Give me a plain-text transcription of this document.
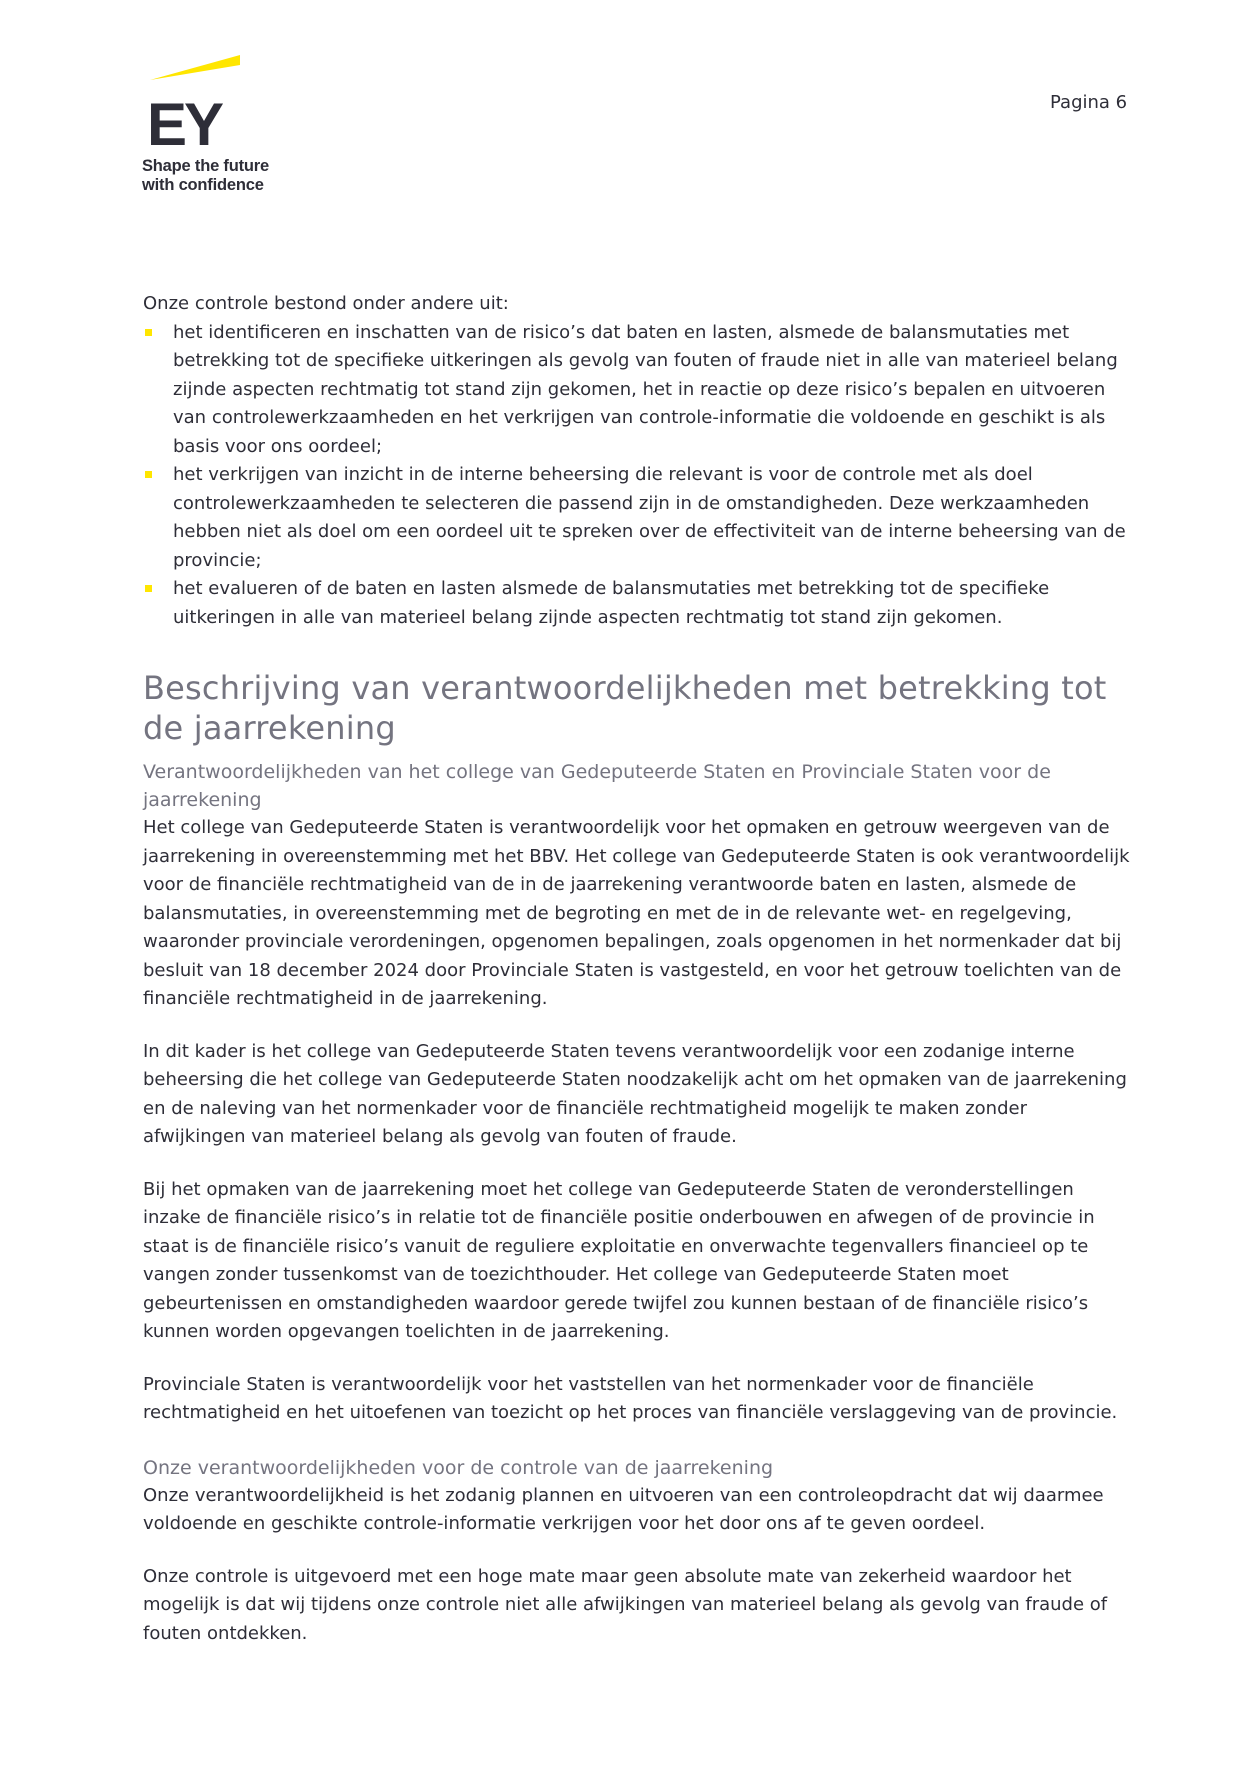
EY
Shape the future
with confidence
Pagina 6

Onze controle bestond onder andere uit:

het identificeren en inschatten van de risico’s dat baten en lasten, alsmede de balansmutaties met betrekking tot de specifieke uitkeringen als gevolg van fouten of fraude niet in alle van materieel belang zijnde aspecten rechtmatig tot stand zijn gekomen, het in reactie op deze risico’s bepalen en uitvoeren van controlewerkzaamheden en het verkrijgen van controle-informatie die voldoende en geschikt is als basis voor ons oordeel;
het verkrijgen van inzicht in de interne beheersing die relevant is voor de controle met als doel controlewerkzaamheden te selecteren die passend zijn in de omstandigheden. Deze werkzaamheden hebben niet als doel om een oordeel uit te spreken over de effectiviteit van de interne beheersing van de provincie;
het evalueren of de baten en lasten alsmede de balansmutaties met betrekking tot de specifieke uitkeringen in alle van materieel belang zijnde aspecten rechtmatig tot stand zijn gekomen.
Beschrijving van verantwoordelijkheden met betrekking tot de jaarrekening
Verantwoordelijkheden van het college van Gedeputeerde Staten en Provinciale Staten voor de jaarrekening

Het college van Gedeputeerde Staten is verantwoordelijk voor het opmaken en getrouw weergeven van de jaarrekening in overeenstemming met het BBV. Het college van Gedeputeerde Staten is ook verantwoordelijk voor de financiële rechtmatigheid van de in de jaarrekening verantwoorde baten en lasten, alsmede de balansmutaties, in overeenstemming met de begroting en met de in de relevante wet- en regelgeving, waaronder provinciale verordeningen, opgenomen bepalingen, zoals opgenomen in het normenkader dat bij besluit van 18 december 2024 door Provinciale Staten is vastgesteld, en voor het getrouw toelichten van de financiële rechtmatigheid in de jaarrekening.

In dit kader is het college van Gedeputeerde Staten tevens verantwoordelijk voor een zodanige interne beheersing die het college van Gedeputeerde Staten noodzakelijk acht om het opmaken van de jaarrekening en de naleving van het normenkader voor de financiële rechtmatigheid mogelijk te maken zonder afwijkingen van materieel belang als gevolg van fouten of fraude.

Bij het opmaken van de jaarrekening moet het college van Gedeputeerde Staten de veronderstellingen inzake de financiële risico’s in relatie tot de financiële positie onderbouwen en afwegen of de provincie in staat is de financiële risico’s vanuit de reguliere exploitatie en onverwachte tegenvallers financieel op te vangen zonder tussenkomst van de toezichthouder. Het college van Gedeputeerde Staten moet gebeurtenissen en omstandigheden waardoor gerede twijfel zou kunnen bestaan of de financiële risico’s kunnen worden opgevangen toelichten in de jaarrekening.

Provinciale Staten is verantwoordelijk voor het vaststellen van het normenkader voor de financiële rechtmatigheid en het uitoefenen van toezicht op het proces van financiële verslaggeving van de provincie.

Onze verantwoordelijkheden voor de controle van de jaarrekening

Onze verantwoordelijkheid is het zodanig plannen en uitvoeren van een controleopdracht dat wij daarmee voldoende en geschikte controle-informatie verkrijgen voor het door ons af te geven oordeel.

Onze controle is uitgevoerd met een hoge mate maar geen absolute mate van zekerheid waardoor het mogelijk is dat wij tijdens onze controle niet alle afwijkingen van materieel belang als gevolg van fraude of fouten ontdekken.
